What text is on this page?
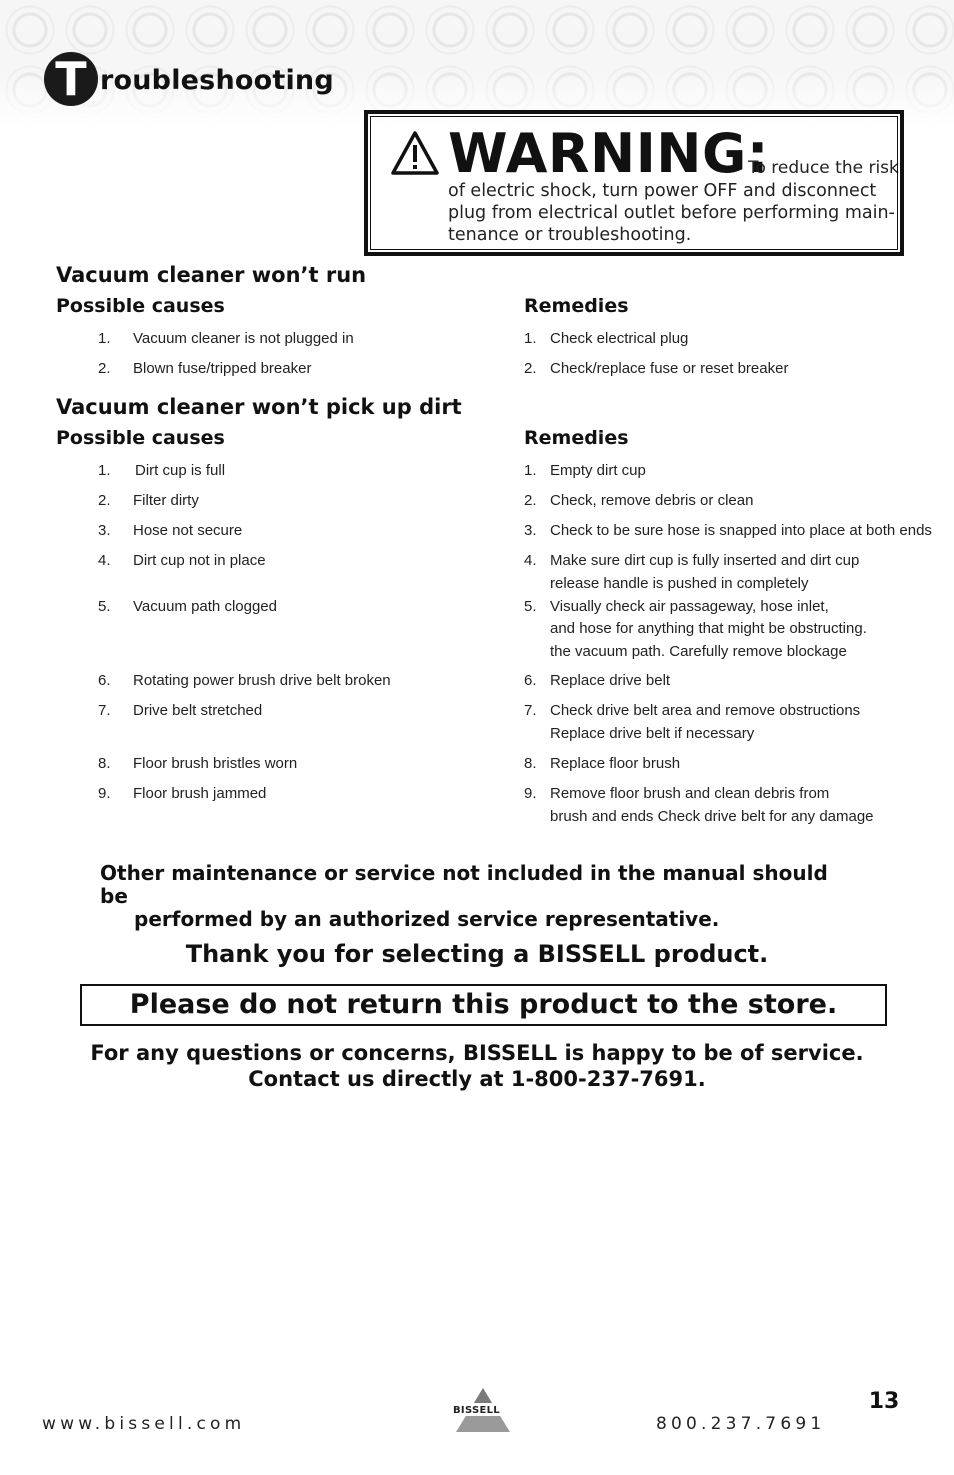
T roubleshooting
WARNING:
To reduce the risk
of electric shock, turn power OFF and disconnect plug from electrical outlet before performing main-tenance or troubleshooting.
Vacuum cleaner won’t run
Possible causes	Remedies
1. Vacuum cleaner is not plugged in
2. Blown fuse/tripped breaker
1. Check electrical plug
2. Check/replace fuse or reset breaker
Vacuum cleaner won’t pick up dirt
Possible causes	Remedies
1. Dirt cup is full
2. Filter dirty
3. Hose not secure
4. Dirt cup not in place
5. Vacuum path clogged
6. Rotating power brush drive belt broken
7. Drive belt stretched
8. Floor brush bristles worn
9. Floor brush jammed
1. Empty dirt cup
2. Check, remove debris or clean
3. Check to be sure hose is snapped into place at both ends
4. Make sure dirt cup is fully inserted and dirt cup
release handle is pushed in completely
5. Visually check air passageway, hose inlet,
and hose for anything that might be obstructing.
the vacuum path. Carefully remove blockage
6. Replace drive belt
7. Check drive belt area and remove obstructions
Replace drive belt if necessary
8. Replace floor brush
9. Remove floor brush and clean debris from
brush and ends Check drive belt for any damage
Other maintenance or service not included in the manual should be
performed by an authorized service representative.
Thank you for selecting a BISSELL product.
Please do not return this product to the store.
For any questions or concerns, BISSELL is happy to be of service.
Contact us directly at 1-800-237-7691.
www.bissell.com
BISSELL
800.237.7691
13
